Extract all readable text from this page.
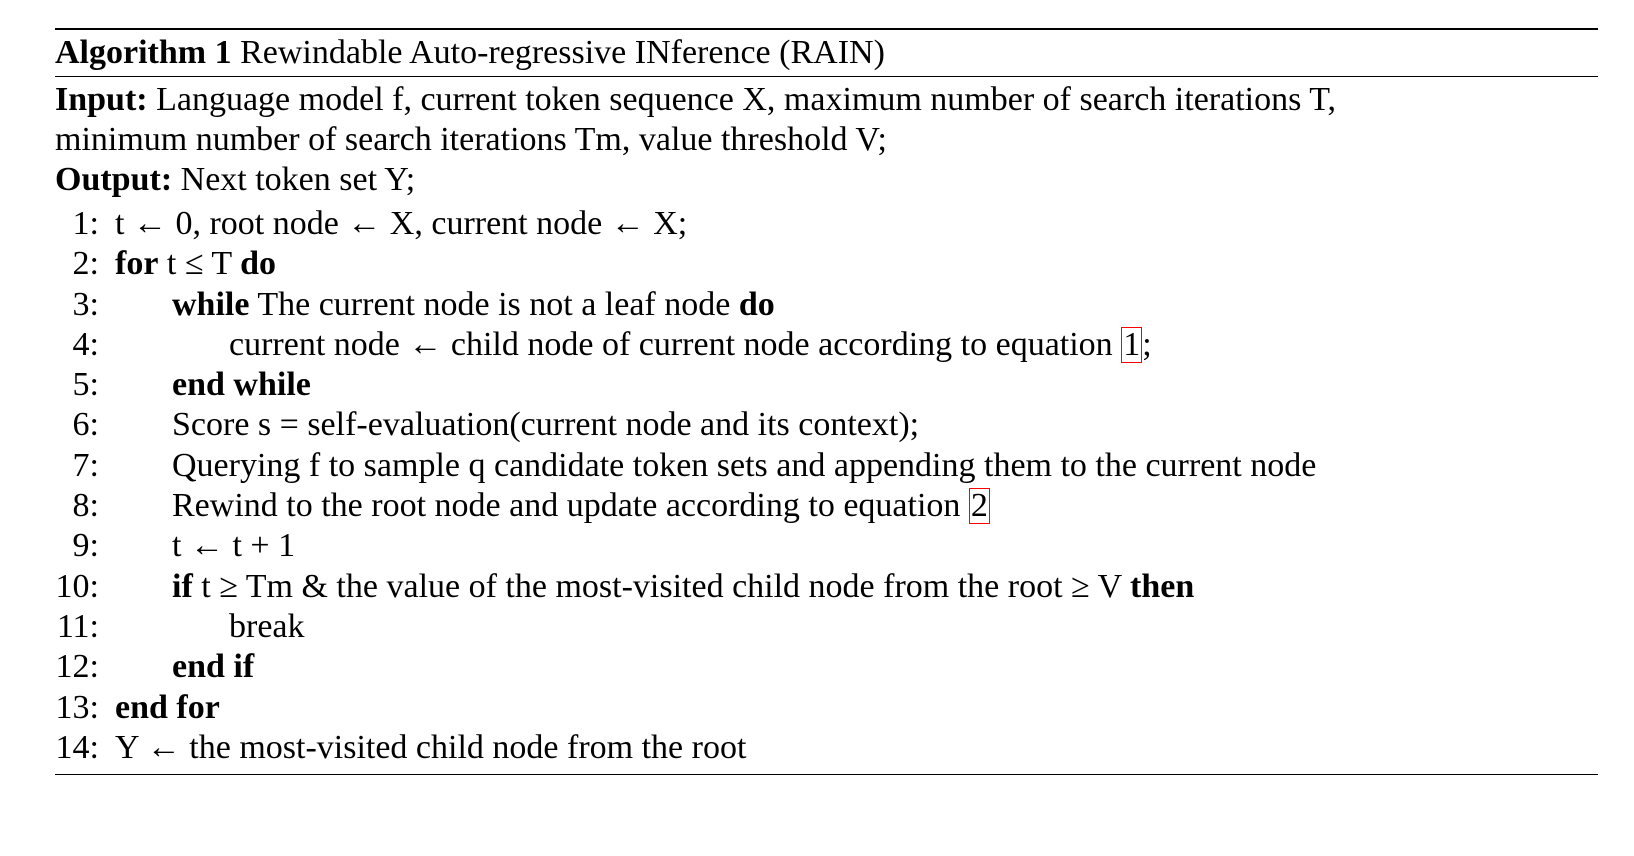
Algorithm 1 Rewindable Auto-regressive INference (RAIN)
Input: Language model f, current token sequence X, maximum number of search iterations T,
minimum number of search iterations Tm, value threshold V;
Output: Next token set Y;
1: t ← 0, root node ← X, current node ← X;
2: for t ≤ T do
3:	while The current node is not a leaf node do
4:	current node ← child node of current node according to equation 1;
5:	end while
6:	Score s = self-evaluation(current node and its context);
7:	Querying f to sample q candidate token sets and appending them to the current node
8:	Rewind to the root node and update according to equation 2
9:	t ← t + 1
10:	if t ≥ Tm & the value of the most-visited child node from the root ≥ V then
11:	break
12:	end if
13: end for
14: Y ← the most-visited child node from the root
